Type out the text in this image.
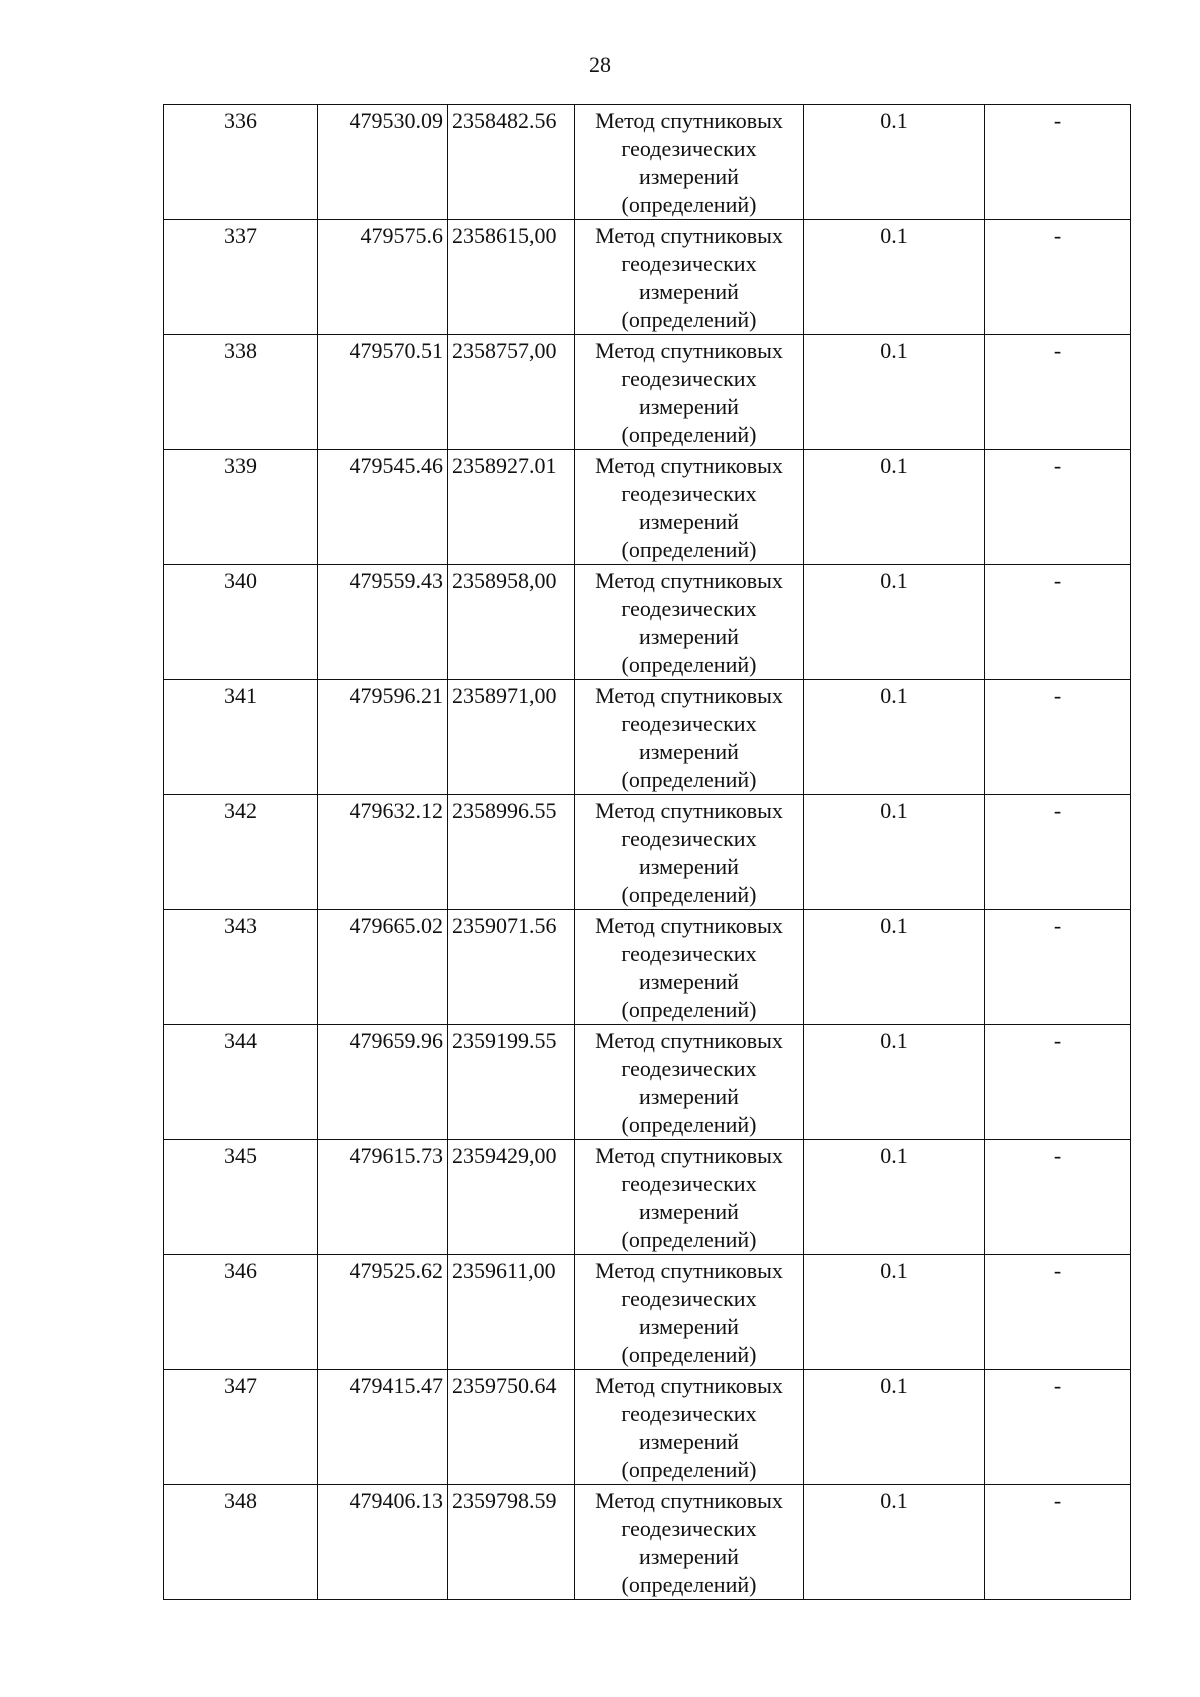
28
336	479530.09	2358482.56	Метод спутниковых геодезических измерений (определений)	0.1	-
337	479575.6	2358615,00	Метод спутниковых геодезических измерений (определений)	0.1	-
338	479570.51	2358757,00	Метод спутниковых геодезических измерений (определений)	0.1	-
339	479545.46	2358927.01	Метод спутниковых геодезических измерений (определений)	0.1	-
340	479559.43	2358958,00	Метод спутниковых геодезических измерений (определений)	0.1	-
341	479596.21	2358971,00	Метод спутниковых геодезических измерений (определений)	0.1	-
342	479632.12	2358996.55	Метод спутниковых геодезических измерений (определений)	0.1	-
343	479665.02	2359071.56	Метод спутниковых геодезических измерений (определений)	0.1	-
344	479659.96	2359199.55	Метод спутниковых геодезических измерений (определений)	0.1	-
345	479615.73	2359429,00	Метод спутниковых геодезических измерений (определений)	0.1	-
346	479525.62	2359611,00	Метод спутниковых геодезических измерений (определений)	0.1	-
347	479415.47	2359750.64	Метод спутниковых геодезических измерений (определений)	0.1	-
348	479406.13	2359798.59	Метод спутниковых геодезических измерений (определений)	0.1	-
